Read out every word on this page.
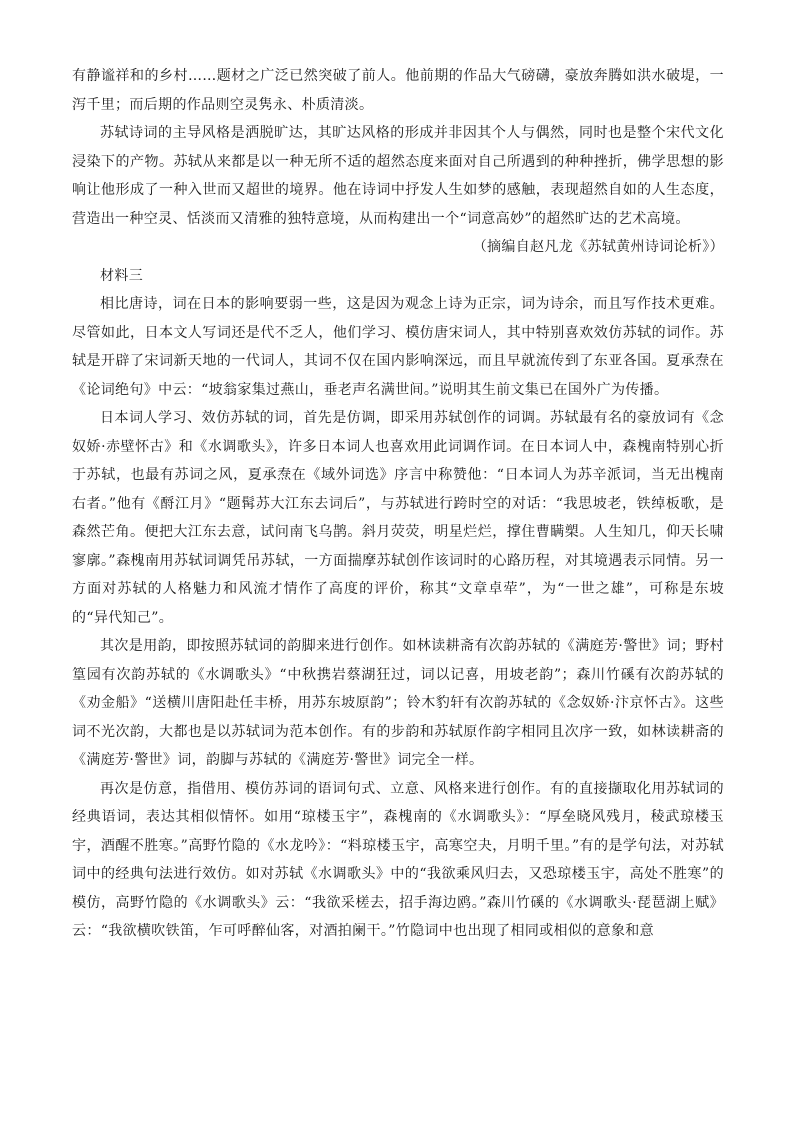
有静谧祥和的乡村……题材之广泛已然突破了前人。他前期的作品大气磅礴，豪放奔腾如洪水破堤，一泻千里；而后期的作品则空灵隽永、朴质清淡。

苏轼诗词的主导风格是洒脱旷达，其旷达风格的形成并非因其个人与偶然，同时也是整个宋代文化浸染下的产物。苏轼从来都是以一种无所不适的超然态度来面对自己所遇到的种种挫折，佛学思想的影响让他形成了一种入世而又超世的境界。他在诗词中抒发人生如梦的感触，表现超然自如的人生态度，营造出一种空灵、恬淡而又清雅的独特意境，从而构建出一个“词意高妙”的超然旷达的艺术高境。

（摘编自赵凡龙《苏轼黄州诗词论析》）

材料三

相比唐诗，词在日本的影响要弱一些，这是因为观念上诗为正宗，词为诗余，而且写作技术更难。尽管如此，日本文人写词还是代不乏人，他们学习、模仿唐宋词人，其中特别喜欢效仿苏轼的词作。苏轼是开辟了宋词新天地的一代词人，其词不仅在国内影响深远，而且早就流传到了东亚各国。夏承焘在《论词绝句》中云：“坡翁家集过燕山，垂老声名满世间。”说明其生前文集已在国外广为传播。

日本词人学习、效仿苏轼的词，首先是仿调，即采用苏轼创作的词调。苏轼最有名的豪放词有《念奴娇·赤壁怀古》和《水调歌头》，许多日本词人也喜欢用此词调作词。在日本词人中，森槐南特别心折于苏轼，也最有苏词之风，夏承焘在《域外词选》序言中称赞他：“日本词人为苏辛派词，当无出槐南右者。”他有《酹江月》“题髯苏大江东去词后”，与苏轼进行跨时空的对话：“我思坡老，铁绰板歌，是森然芒角。便把大江东去意，试问南飞乌鹊。斜月荧荧，明星烂烂，撑住曹瞒槊。人生知几，仰天长啸寥廓。”森槐南用苏轼词调凭吊苏轼，一方面揣摩苏轼创作该词时的心路历程，对其境遇表示同情。另一方面对苏轼的人格魅力和风流才情作了高度的评价，称其“文章卓荦”，为“一世之雄”，可称是东坡的“异代知己”。

其次是用韵，即按照苏轼词的韵脚来进行创作。如林读耕斋有次韵苏轼的《满庭芳·警世》词；野村篁园有次韵苏轼的《水调歌头》“中秋携岩蔡湖狂过，词以记喜，用坡老韵”；森川竹磎有次韵苏轼的《劝金船》“送横川唐阳赴任丰桥，用苏东坡原韵”；铃木豹轩有次韵苏轼的《念奴娇·汴京怀古》。这些词不光次韵，大都也是以苏轼词为范本创作。有的步韵和苏轼原作韵字相同且次序一致，如林读耕斋的《满庭芳·警世》词，韵脚与苏轼的《满庭芳·警世》词完全一样。

再次是仿意，指借用、模仿苏词的语词句式、立意、风格来进行创作。有的直接撷取化用苏轼词的经典语词，表达其相似情怀。如用“琼楼玉宇”，森槐南的《水调歌头》：“厚垒晓风残月，稜武琼楼玉宇，酒醒不胜寒。”高野竹隐的《水龙吟》：“料琼楼玉宇，高寒空夬，月明千里。”有的是学句法，对苏轼词中的经典句法进行效仿。如对苏轼《水调歌头》中的“我欲乘风归去，又恐琼楼玉宇，高处不胜寒”的模仿，高野竹隐的《水调歌头》云：“我欲采槎去，招手海边鸥。”森川竹磎的《水调歌头·琵琶湖上赋》云：“我欲横吹铁笛，乍可呼醉仙客，对酒拍阑干。”竹隐词中也出现了相同或相似的意象和意
